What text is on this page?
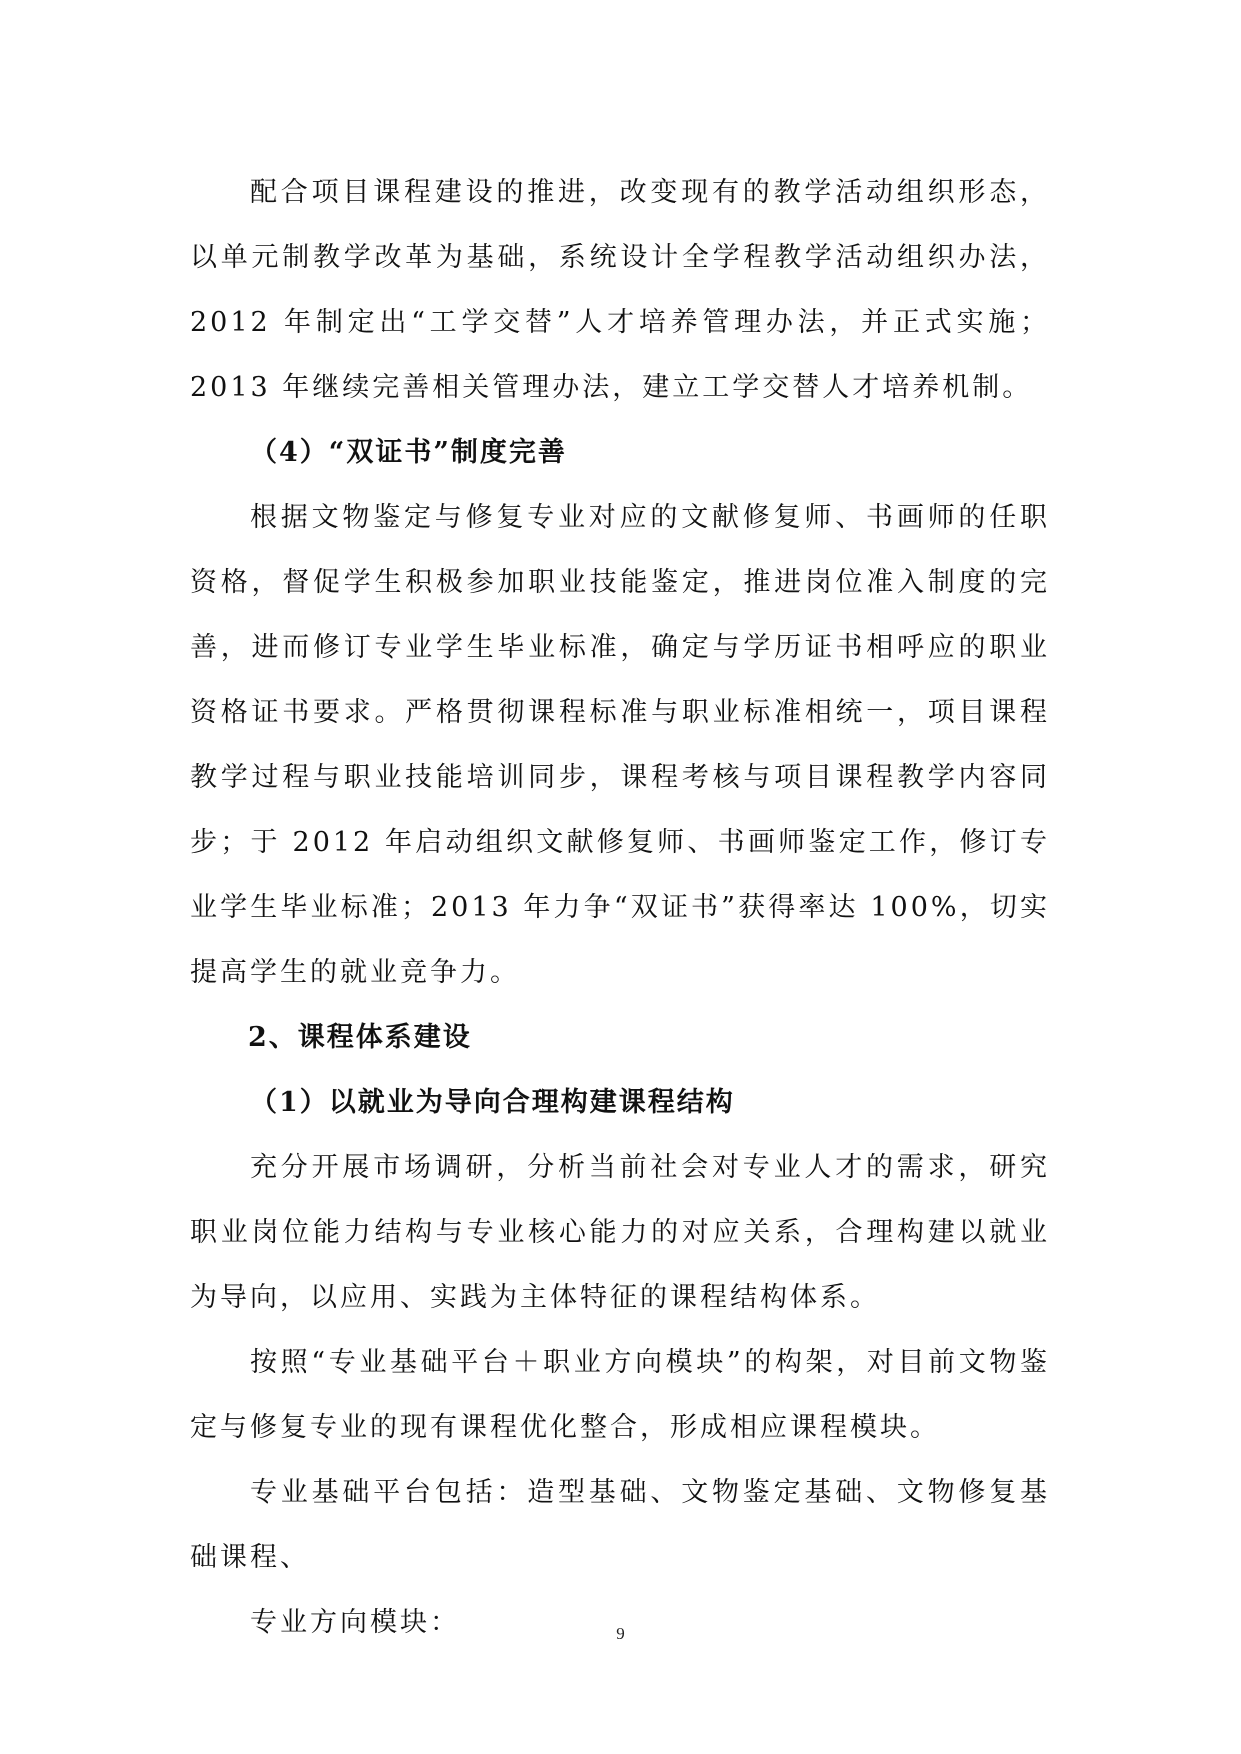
配合项目课程建设的推进，改变现有的教学活动组织形态，以单元制教学改革为基础，系统设计全学程教学活动组织办法，2012 年制定出“工学交替”人才培养管理办法，并正式实施；2013 年继续完善相关管理办法，建立工学交替人才培养机制。

（4）“双证书”制度完善

根据文物鉴定与修复专业对应的文献修复师、书画师的任职资格，督促学生积极参加职业技能鉴定，推进岗位准入制度的完善，进而修订专业学生毕业标准，确定与学历证书相呼应的职业资格证书要求。严格贯彻课程标准与职业标准相统一，项目课程教学过程与职业技能培训同步，课程考核与项目课程教学内容同步；于 2012 年启动组织文献修复师、书画师鉴定工作，修订专业学生毕业标准；2013 年力争“双证书”获得率达 100%，切实提高学生的就业竞争力。

2、课程体系建设

（1）以就业为导向合理构建课程结构

充分开展市场调研，分析当前社会对专业人才的需求，研究职业岗位能力结构与专业核心能力的对应关系，合理构建以就业为导向，以应用、实践为主体特征的课程结构体系。

按照“专业基础平台＋职业方向模块”的构架，对目前文物鉴定与修复专业的现有课程优化整合，形成相应课程模块。

专业基础平台包括：造型基础、文物鉴定基础、文物修复基础课程、

专业方向模块：	9
